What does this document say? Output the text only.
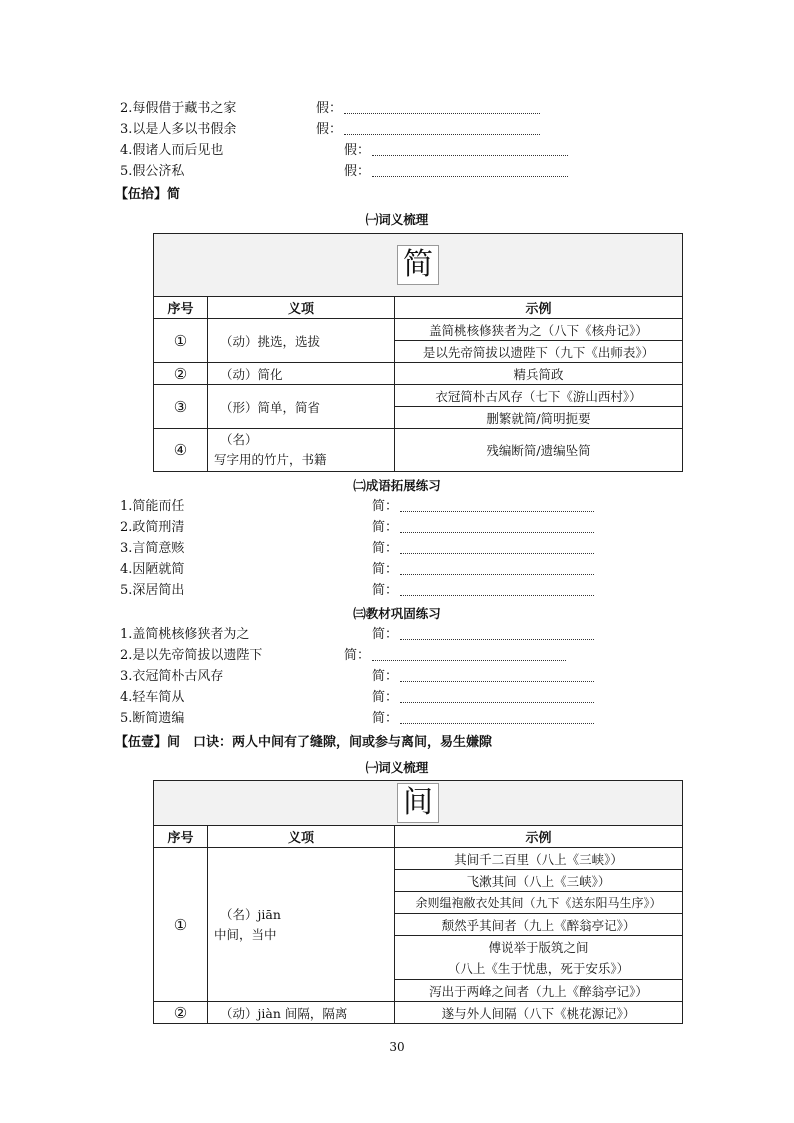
2.每假借于藏书之家	假：
3.以是人多以书假余	假：
4.假诸人而后见也	假：
5.假公济私	假：
【伍拾】简
㈠词义梳理
简		
序号	义项	示例
①	（动）挑选，选拔	盖简桃核修狭者为之（八下《核舟记》）
		是以先帝简拔以遗陛下（九下《出师表》）
②	（动）简化	精兵简政
③	（形）简单，简省	衣冠简朴古风存（七下《游山西村》）
		删繁就简/简明扼要
④	（名）
写字用的竹片，书籍	残编断简/遗编坠简
㈡成语拓展练习
1.简能而任	简：
2.政简刑清	简：
3.言简意赅	简：
4.因陋就简	简：
5.深居简出	简：
㈢教材巩固练习
1.盖简桃核修狭者为之	简：
2.是以先帝简拔以遗陛下	简：
3.衣冠简朴古风存	简：
4.轻车简从	简：
5.断简遗编	简：
【伍壹】间　口诀：两人中间有了缝隙，间或参与离间，易生嫌隙
㈠词义梳理
间		
序号	义项	示例
①	（名）jiān
中间，当中	其间千二百里（八上《三峡》）
		飞漱其间（八上《三峡》）
		余则缊袍敝衣处其间（九下《送东阳马生序》）
		颓然乎其间者（九上《醉翁亭记》）

		傅说举于版筑之间
（八上《生于忧患，死于安乐》）

		泻出于两峰之间者（九上《醉翁亭记》）
②	（动）jiàn 间隔，隔离	遂与外人间隔（八下《桃花源记》）
30
